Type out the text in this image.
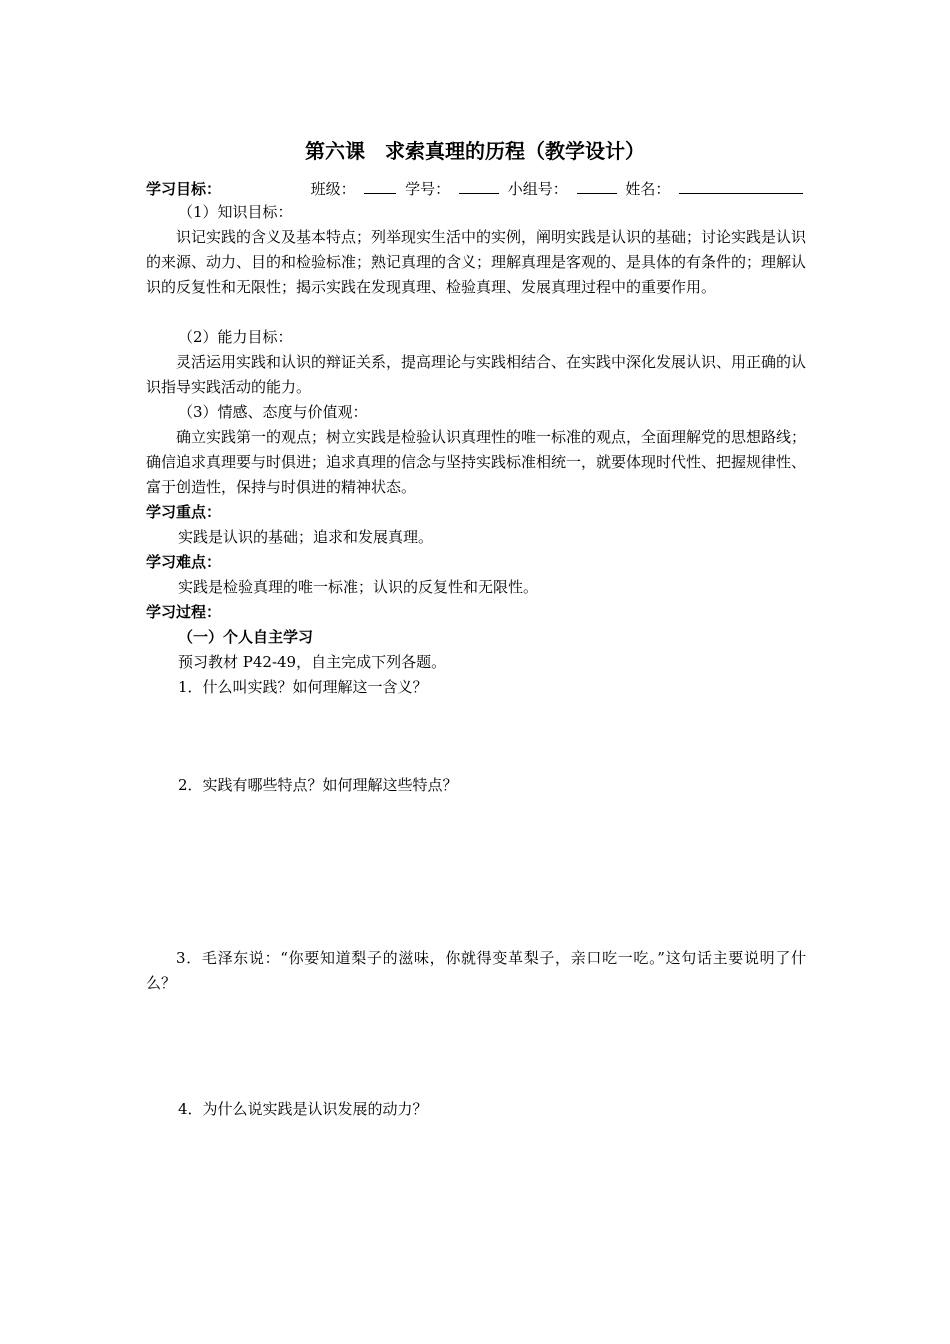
第六课　求索真理的历程（教学设计）
学习目标：	班级：	学号：	小组号：	姓名：
（1）知识目标：
识记实践的含义及基本特点；列举现实生活中的实例，阐明实践是认识的基础；讨论实践是认识的来源、动力、目的和检验标准；熟记真理的含义；理解真理是客观的、是具体的有条件的；理解认识的反复性和无限性；揭示实践在发现真理、检验真理、发展真理过程中的重要作用。
（2）能力目标：
灵活运用实践和认识的辩证关系，提高理论与实践相结合、在实践中深化发展认识、用正确的认识指导实践活动的能力。
（3）情感、态度与价值观：
确立实践第一的观点；树立实践是检验认识真理性的唯一标准的观点，全面理解党的思想路线；确信追求真理要与时俱进；追求真理的信念与坚持实践标准相统一，就要体现时代性、把握规律性、富于创造性，保持与时俱进的精神状态。
学习重点：
实践是认识的基础；追求和发展真理。
学习难点：
实践是检验真理的唯一标准；认识的反复性和无限性。
学习过程：
（一）个人自主学习
预习教材 P42-49，自主完成下列各题。
1．什么叫实践？如何理解这一含义？
2．实践有哪些特点？如何理解这些特点？
3．毛泽东说：“你要知道梨子的滋味，你就得变革梨子，亲口吃一吃。”这句话主要说明了什么？
4．为什么说实践是认识发展的动力？
